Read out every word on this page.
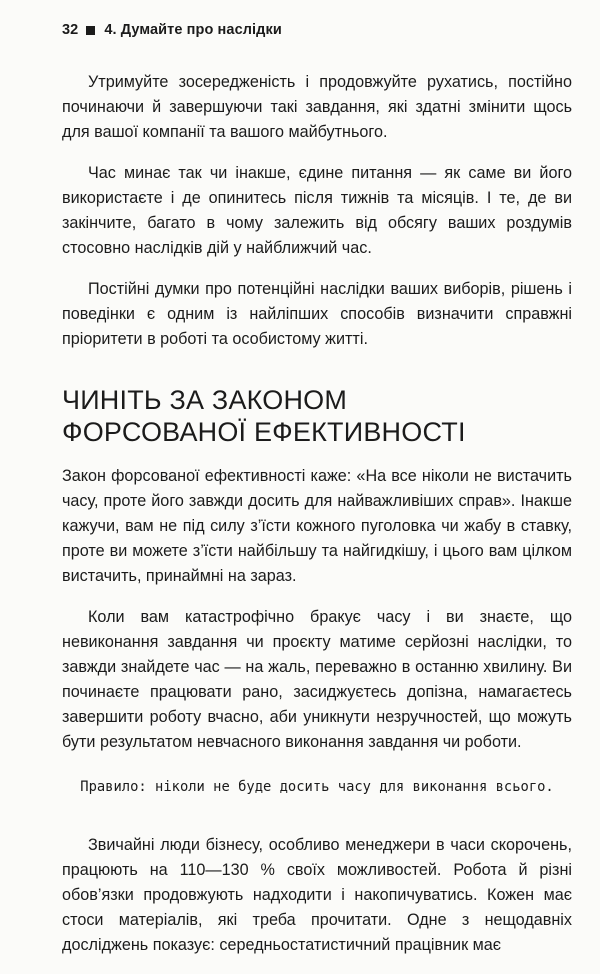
32 4. Думайте про наслідки

Утримуйте зосередженість і продовжуйте рухатись, постійно починаючи й завершуючи такі завдання, які здатні змінити щось для вашої компанії та вашого майбутнього.

Час минає так чи інакше, єдине питання — як саме ви його використаєте і де опинитесь після тижнів та місяців. І те, де ви закінчите, багато в чому залежить від обсягу ваших роздумів стосовно наслідків дій у найближчий час.

Постійні думки про потенційні наслідки ваших виборів, рішень і поведінки є одним із найліпших способів визначити справжні пріоритети в роботі та особистому житті.

ЧИНІТЬ ЗА ЗАКОНОМ
ФОРСОВАНОЇ ЕФЕКТИВНОСТІ

Закон форсованої ефективності каже: «На все ніколи не вистачить часу, проте його завжди досить для найважливіших справ». Інакше кажучи, вам не під силу з’їсти кожного пуголовка чи жабу в ставку, проте ви можете з’їсти найбільшу та найгидкішу, і цього вам цілком вистачить, принаймні на зараз.

Коли вам катастрофічно бракує часу і ви знаєте, що невиконання завдання чи проєкту матиме серйозні наслідки, то завжди знайдете час — на жаль, переважно в останню хвилину. Ви починаєте працювати рано, засиджуєтесь допізна, намагаєтесь завершити роботу вчасно, аби уникнути незручностей, що можуть бути результатом невчасного виконання завдання чи роботи.

Правило: ніколи не буде досить часу для виконання всього.

Звичайні люди бізнесу, особливо менеджери в часи скорочень, працюють на 110—130 % своїх можливостей. Робота й різні обов’язки продовжують надходити і накопичуватись. Кожен має стоси матеріалів, які треба прочитати. Одне з нещодавніх досліджень показує: середньостатистичний працівник має
